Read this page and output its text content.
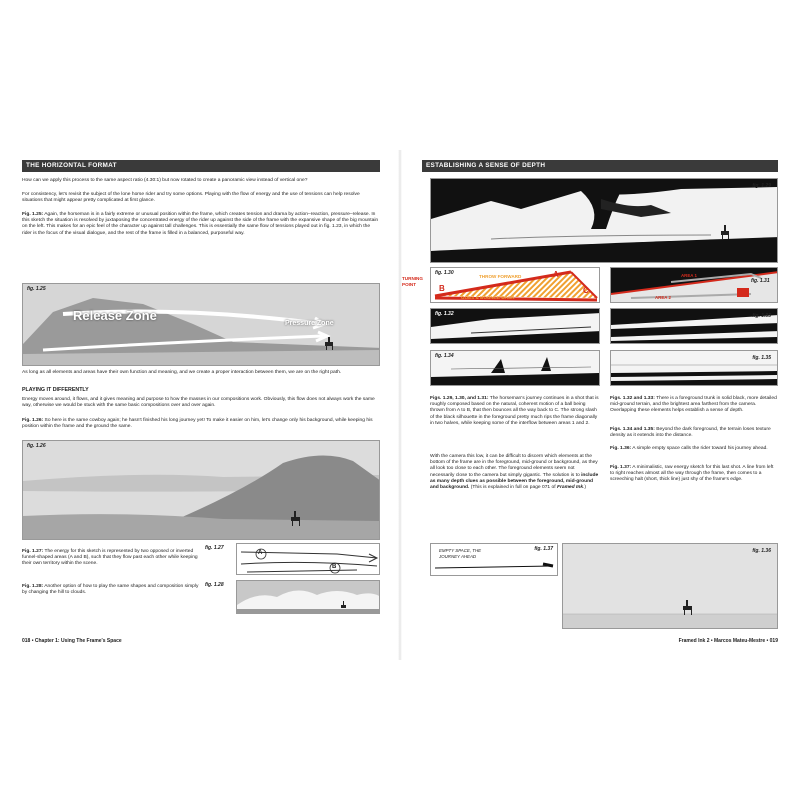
THE HORIZONTAL FORMAT

How can we apply this process to the same aspect ratio (4.30:1) but now rotated to create a panoramic view instead of vertical one?

For consistency, let's revisit the subject of the lone horse rider and try some options. Playing with the flow of energy and the use of tensions can help resolve situations that might appear pretty complicated at first glance.

Fig. 1.25: Again, the horseman is in a fairly extreme or unusual position within the frame, which creates tension and drama by action–reaction, pressure–release. In this sketch the situation is resolved by juxtaposing the concentrated energy of the rider up against the side of the frame with the expansive shape of the big mountain on the left. This makes for an epic feel of the character up against tall challenges. This is essentially the same flow of tensions played out in fig. 1.23, in which the rider is the focus of the visual dialogue, and the rest of the frame is filled in a balanced, purposeful way.

fig. 1.25
Release Zone
Pressure Zone

As long as all elements and areas have their own function and meaning, and we create a proper interaction between them, we are on the right path.

PLAYING IT DIFFERENTLY

Energy moves around, it flows, and it gives meaning and purpose to how the masses in our compositions work. Obviously, this flow does not always work the same way, otherwise we would be stuck with the same basic compositions over and over again.

Fig. 1.26: So here is the same cowboy again; he hasn't finished his long journey yet! To make it easier on him, let's change only his background, while keeping his position within the frame and the ground the same.

fig. 1.26

Fig. 1.27: The energy for this sketch is represented by two opposed or inverted funnel-shaped areas (A and B), such that they flow past each other while keeping their own territory within the scene.

Fig. 1.28: Another option of how to play the same shapes and composition simply by changing the hill to clouds.

A
B
fig. 1.27
fig. 1.28
018 • Chapter 1: Using The Frame's Space
ESTABLISHING A SENSE OF DEPTH
fig. 1.29
TURNING POINT
fig. 1.30
THROW FORWARD
GOES & BOUNCE BACK
A
B	C
AREA 1
AREA 2
fig. 1.31
fig. 1.32	fig. 1.33
fig. 1.34	fig. 1.35

Figs. 1.29, 1.30, and 1.31: The horseman's journey continues in a shot that is roughly composed based on the natural, coherent motion of a ball being thrown from A to B, that then bounces all the way back to C. The strong slash of the black silhouette in the foreground pretty much rips the frame diagonally in two halves, while keeping some of the interflow between areas 1 and 2.

With the camera this low, it can be difficult to discern which elements at the bottom of the frame are in the foreground, mid-ground or background, as they all look too close to each other. The foreground elements seem not necessarily close to the camera but simply gigantic. The solution is to include as many depth clues as possible between the foreground, mid-ground and background. (This is explained in full on page 071 of Framed Ink.)

Figs. 1.32 and 1.33: There is a foreground trunk in solid black, more detailed mid-ground terrain, and the brightest area farthest from the camera. Overlapping these elements helps establish a sense of depth.

Figs. 1.34 and 1.35: Beyond the dark foreground, the terrain loses texture density as it extends into the distance.

Fig. 1.36: A simple empty space calls the rider toward his journey ahead.

Fig. 1.37: A minimalistic, raw energy sketch for this last shot. A line from left to right reaches almost all the way through the frame, then comes to a screeching halt (short, thick line) just shy of the frame's edge.

fig. 1.37
EMPTY SPACE, THE JOURNEY AHEAD
fig. 1.36
Framed Ink 2 • Marcos Mateu-Mestre • 019
